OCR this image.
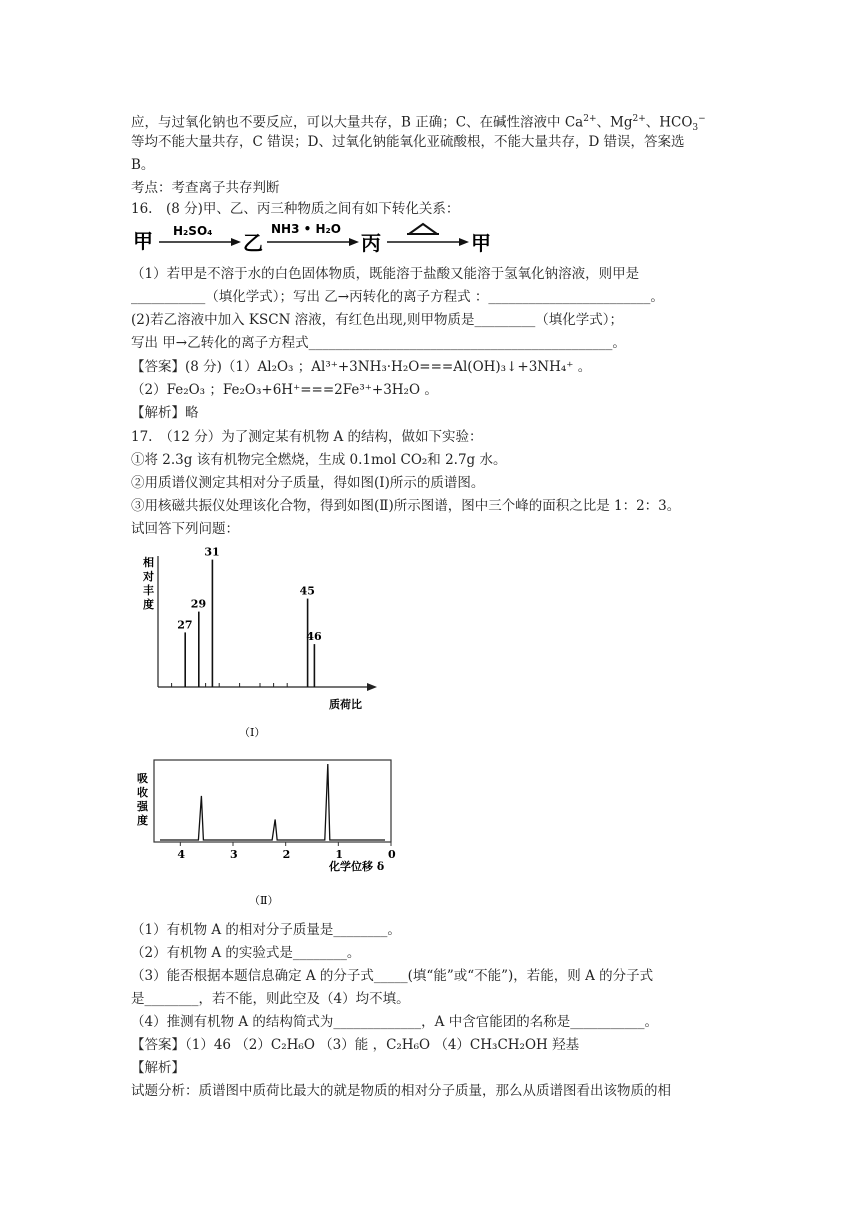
应，与过氧化钠也不要反应，可以大量共存，B 正确；C、在碱性溶液中 $Ca^{2+}$、$Mg^{2+}$、$HCO_3^-$
等均不能大量共存，C 错误；D、过氧化钠能氧化亚硫酸根，不能大量共存，D 错误，答案选
B。
考点：考查离子共存判断
16.　(8 分)甲、乙、丙三种物质之间有如下转化关系：
甲 H₂SO₄ 乙
NH3 • H₂O
丙	甲
（1）若甲是不溶于水的白色固体物质，既能溶于盐酸又能溶于氢氧化钠溶液，则甲是
___________（填化学式）；写出 乙→丙转化的离子方程式 ：________________________。
(2)若乙溶液中加入 KSCN 溶液，有红色出现,则甲物质是_________（填化学式）；
写出 甲→乙转化的离子方程式_____________________________________________。
【答案】(8 分)（1）Al₂O₃ ；Al³⁺+3NH₃·H₂O===Al(OH)₃↓+3NH₄⁺ 。
（2）Fe₂O₃ ；Fe₂O₃+6H⁺===2Fe³⁺+3H₂O 。
【解析】略
17.　（12 分）为了测定某有机物 A 的结构，做如下实验：
①将 2.3g 该有机物完全燃烧，生成 0.1mol CO₂和 2.7g 水。
②用质谱仪测定其相对分子质量，得如图(Ⅰ)所示的质谱图。
③用核磁共振仪处理该化合物，得到如图(Ⅱ)所示图谱，图中三个峰的面积之比是 1：2：3。
试回答下列问题：
相
对
丰
度
27
29
31
45
46
质荷比
（Ⅰ）
吸
收
强
度
4	3	2	1	0
化学位移 δ
（Ⅱ）
（1）有机物 A 的相对分子质量是________。
（2）有机物 A 的实验式是________。
（3）能否根据本题信息确定 A 的分子式_____(填“能”或“不能”)，若能，则 A 的分子式
是________，若不能，则此空及（4）均不填。
（4）推测有机物 A 的结构简式为_____________，A 中含官能团的名称是___________。
【答案】（1）46 （2）C₂H₆O （3）能 ，C₂H₆O （4）CH₃CH₂OH 羟基
【解析】
试题分析：质谱图中质荷比最大的就是物质的相对分子质量，那么从质谱图看出该物质的相
